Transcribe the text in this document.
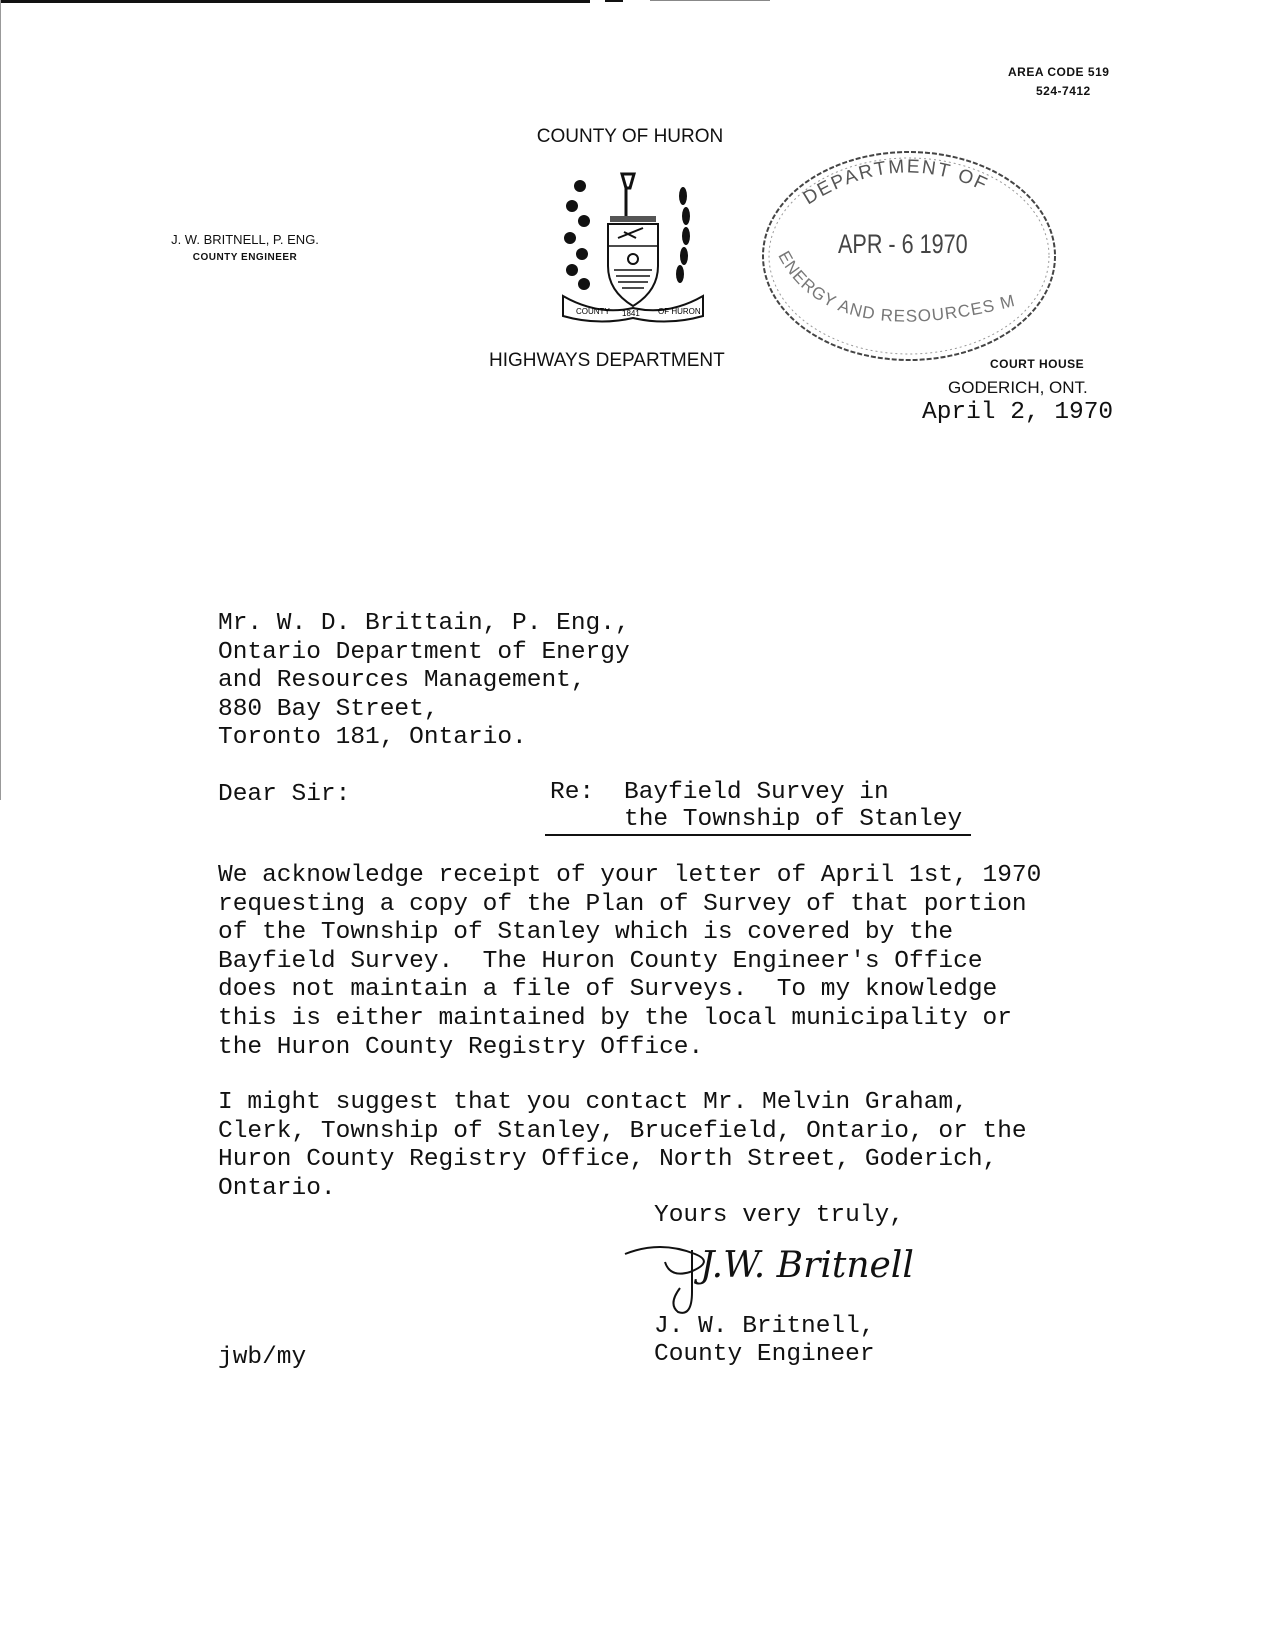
AREA CODE 519
524-7412
COUNTY OF HURON
J. W. BRITNELL, P. ENG.
COUNTY ENGINEER
COUNTY 1841 OF HURON
DEPARTMENT OF
ENERGY AND RESOURCES M
APR - 6 1970
HIGHWAYS DEPARTMENT	COURT HOUSE
GODERICH, ONT.
April 2, 1970
Mr. W. D. Brittain, P. Eng.,
Ontario Department of Energy
and Resources Management,
880 Bay Street,
Toronto 181, Ontario.
Dear Sir:	Re: Bayfield Survey in
the Township of Stanley
We acknowledge receipt of your letter of April 1st, 1970
requesting a copy of the Plan of Survey of that portion
of the Township of Stanley which is covered by the
Bayfield Survey.  The Huron County Engineer's Office
does not maintain a file of Surveys.  To my knowledge
this is either maintained by the local municipality or
the Huron County Registry Office.
I might suggest that you contact Mr. Melvin Graham,
Clerk, Township of Stanley, Brucefield, Ontario, or the
Huron County Registry Office, North Street, Goderich,
Ontario.
Yours very truly,
J.W. Britnell
J. W. Britnell,
County Engineer
jwb/my
